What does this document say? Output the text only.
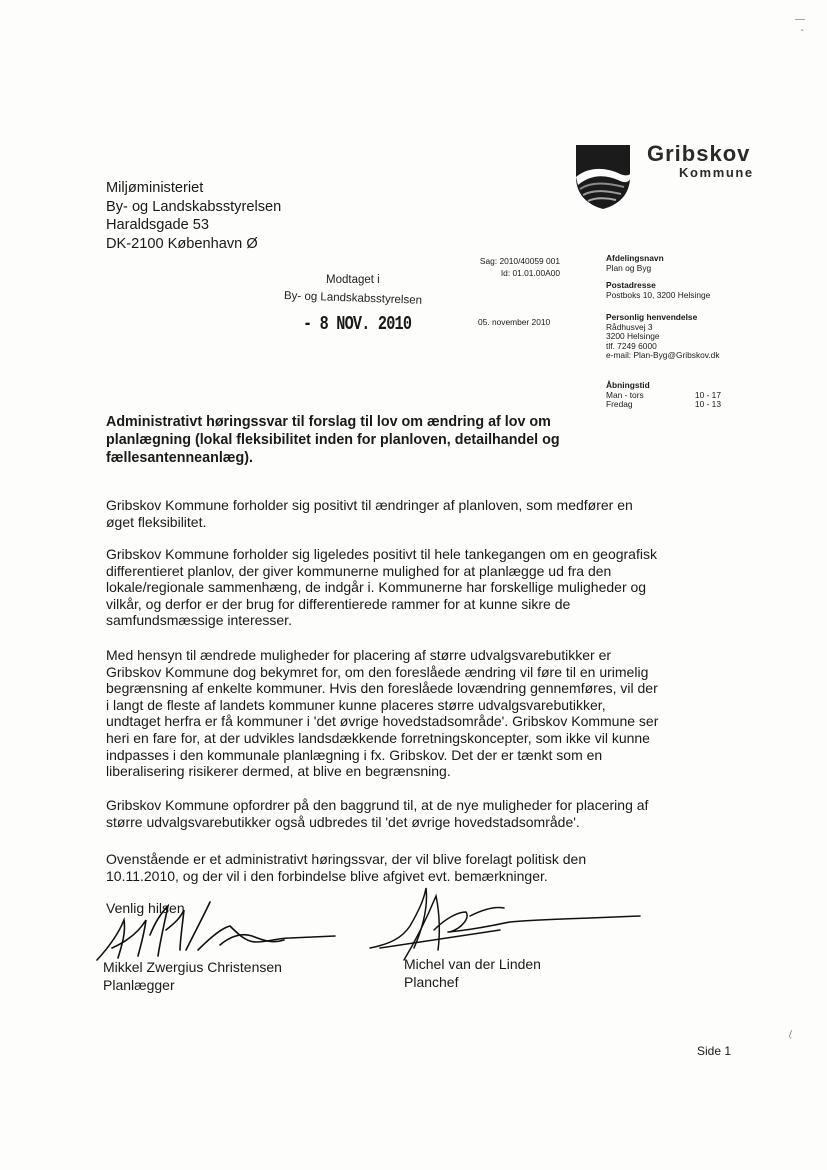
—
-
\.
Gribskov
Kommune
Miljøministeriet
By- og Landskabsstyrelsen
Haraldsgade 53
DK-2100 København Ø
Sag: 2010/40059 001
Id: 01.01.00A00
05. november 2010
Modtaget i
By- og Landskabsstyrelsen
- 8 NOV. 2010
Afdelingsnavn
Plan og Byg
Postadresse
Postboks 10, 3200 Helsinge
Personlig henvendelse
Rådhusvej 3
3200 Helsinge
tlf. 7249 6000
e-mail: Plan-Byg@Gribskov.dk
Åbningstid
Man - tors	10 - 17
Fredag	10 - 13
Administrativt høringssvar til forslag til lov om ændring af lov om
planlægning (lokal fleksibilitet inden for planloven, detailhandel og
fællesantenneanlæg).
Gribskov Kommune forholder sig positivt til ændringer af planloven, som medfører en
øget fleksibilitet.
Gribskov Kommune forholder sig ligeledes positivt til hele tankegangen om en geografisk
differentieret planlov, der giver kommunerne mulighed for at planlægge ud fra den
lokale/regionale sammenhæng, de indgår i. Kommunerne har forskellige muligheder og
vilkår, og derfor er der brug for differentierede rammer for at kunne sikre de
samfundsmæssige interesser.
Med hensyn til ændrede muligheder for placering af større udvalgsvarebutikker er
Gribskov Kommune dog bekymret for, om den foreslåede ændring vil føre til en urimelig
begrænsning af enkelte kommuner. Hvis den foreslåede lovændring gennemføres, vil der
i langt de fleste af landets kommuner kunne placeres større udvalgsvarebutikker,
undtaget herfra er få kommuner i 'det øvrige hovedstadsområde'. Gribskov Kommune ser
heri en fare for, at der udvikles landsdækkende forretningskoncepter, som ikke vil kunne
indpasses i den kommunale planlægning i fx. Gribskov. Det der er tænkt som en
liberalisering risikerer dermed, at blive en begrænsning.
Gribskov Kommune opfordrer på den baggrund til, at de nye muligheder for placering af
større udvalgsvarebutikker også udbredes til 'det øvrige hovedstadsområde'.
Ovenstående er et administrativt høringssvar, der vil blive forelagt politisk den
10.11.2010, og der vil i den forbindelse blive afgivet evt. bemærkninger.
Venlig hilsen
Mikkel Zwergius Christensen
Planlægger
Michel van der Linden
Planchef
Side 1
